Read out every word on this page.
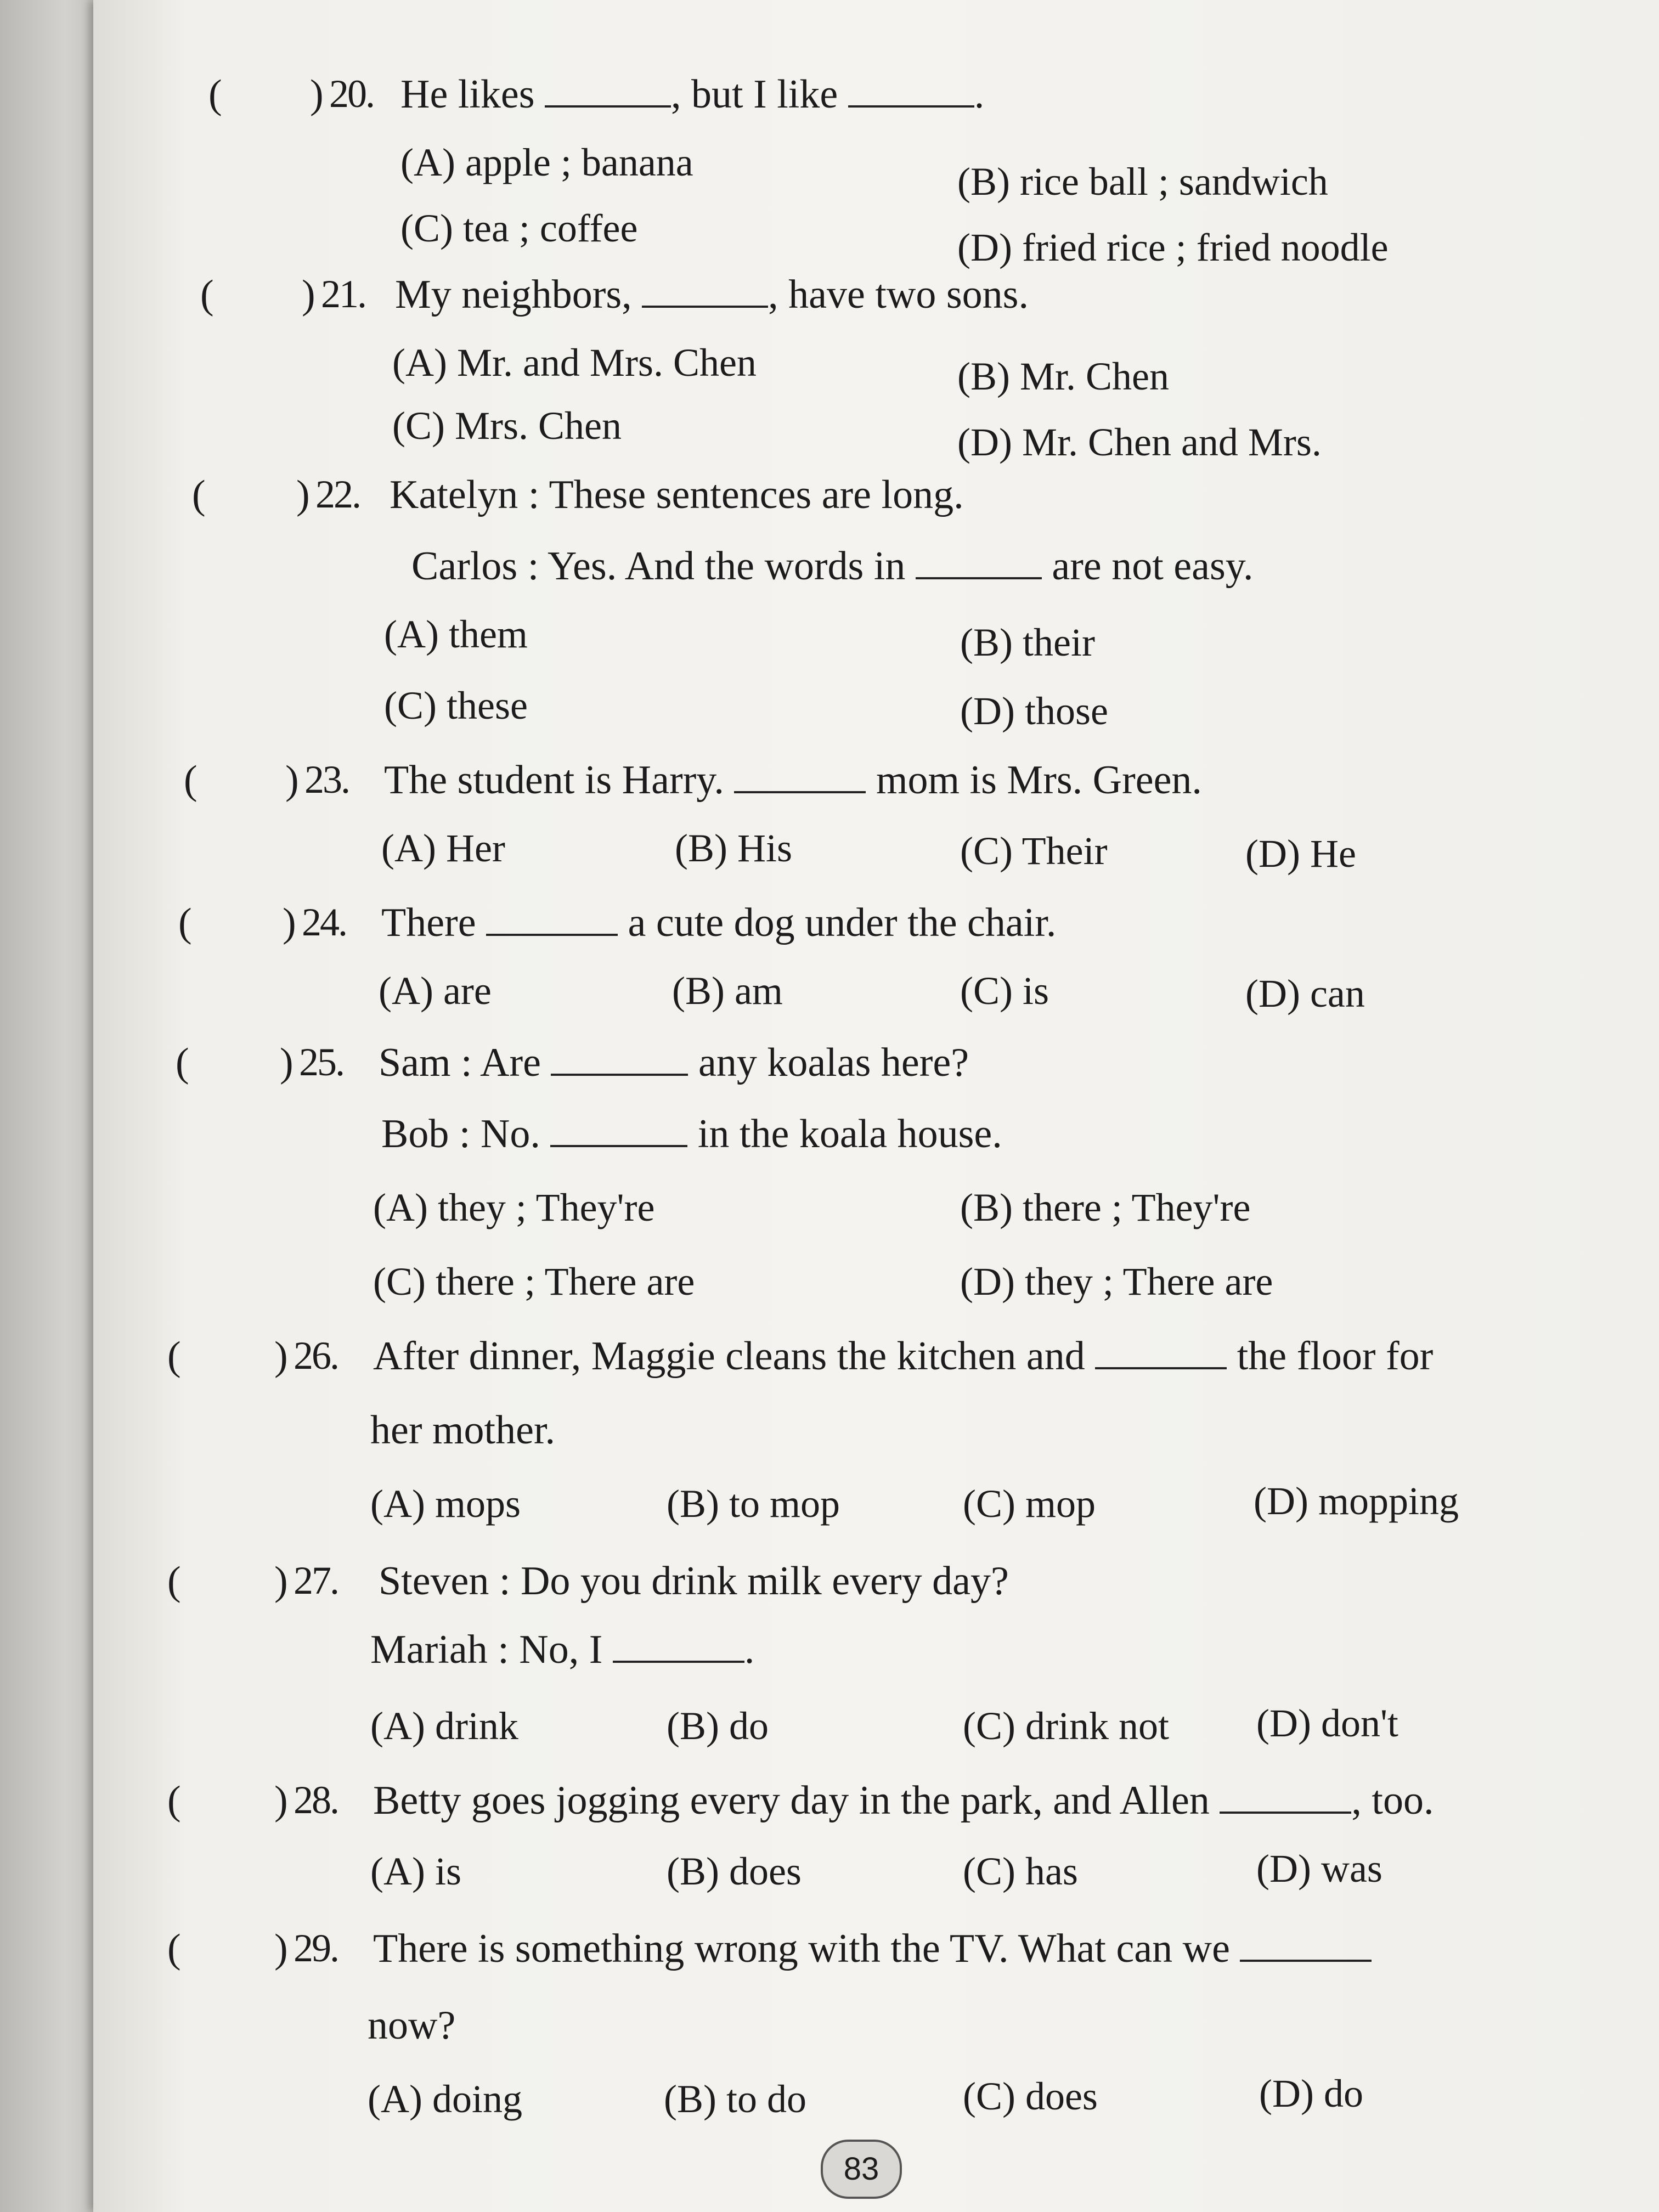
( ) 20. He likes	, but I like	.
(A) apple ; banana	(B) rice ball ; sandwich
(C) tea ; coffee	(D) fried rice ; fried noodle
( ) 21. My neighbors,	, have two sons.
(A) Mr. and Mrs. Chen	(B) Mr. Chen
(C) Mrs. Chen	(D) Mr. Chen and Mrs.
( ) 22. Katelyn : These sentences are long.
Carlos : Yes. And the words in	are not easy.
(A) them	(B) their
(C) these	(D) those
( ) 23. The student is Harry.	mom is Mrs. Green.
(A) Her	(B) His	(C) Their	(D) He
( ) 24. There	a cute dog under the chair.
(A) are	(B) am	(C) is	(D) can
( ) 25. Sam : Are	any koalas here?
Bob : No.	in the koala house.
(A) they ; They're	(B) there ; They're
(C) there ; There are	(D) they ; There are
( ) 26. After dinner, Maggie cleans the kitchen and	the floor for
her mother.
(A) mops	(B) to mop	(C) mop	(D) mopping
( ) 27. Steven : Do you drink milk every day?
Mariah : No, I	.
(A) drink	(B) do	(C) drink not (D) don't
( ) 28. Betty goes jogging every day in the park, and Allen	, too.
(A) is	(B) does	(C) has	(D) was
( ) 29. There is something wrong with the TV. What can we
now?
(A) doing	(B) to do	(C) does	(D) do
83
